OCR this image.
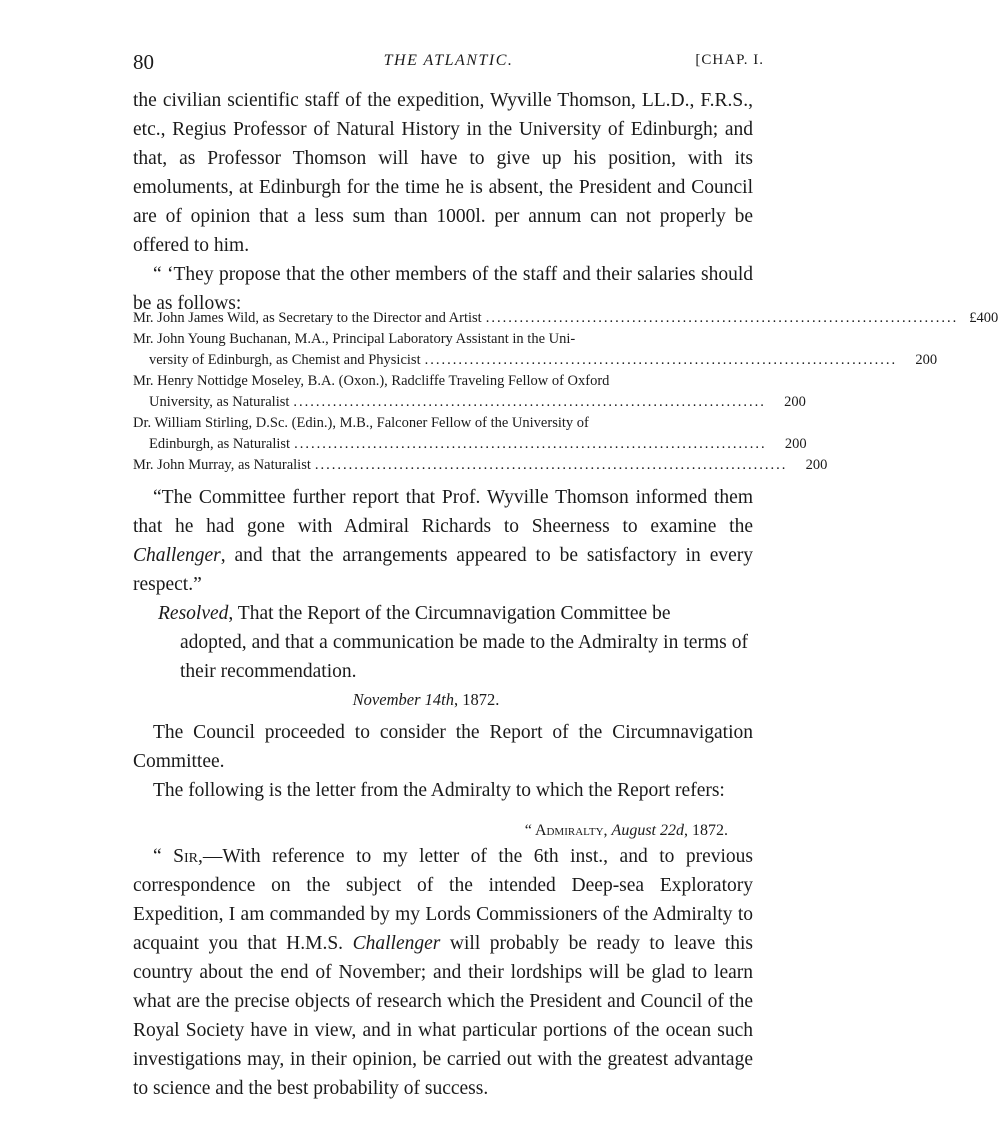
80	THE ATLANTIC.	[CHAP. I.

the civilian scientific staff of the expedition, Wyville Thomson, LL.D., F.R.S., etc., Regius Professor of Natural History in the University of Edinburgh; and that, as Professor Thomson will have to give up his position, with its emoluments, at Edinburgh for the time he is absent, the President and Council are of opinion that a less sum than 1000l. per annum can not properly be offered to him.

“ ‘They propose that the other members of the staff and their salaries should be as follows:

Mr. John James Wild, as Secretary to the Director and Artist .................................................................................... £400
Mr. John Young Buchanan, M.A., Principal Laboratory Assistant in the Uni-
versity of Edinburgh, as Chemist and Physicist ....................................................................................	200
Mr. Henry Nottidge Moseley, B.A. (Oxon.), Radcliffe Traveling Fellow of Oxford
University, as Naturalist ....................................................................................	200
Dr. William Stirling, D.Sc. (Edin.), M.B., Falconer Fellow of the University of
Edinburgh, as Naturalist ....................................................................................	200
Mr. John Murray, as Naturalist ....................................................................................	200

“The Committee further report that Prof. Wyville Thomson informed them that he had gone with Admiral Richards to Sheerness to examine the Challenger, and that the arrangements appeared to be satisfactory in every respect.”

Resolved, That the Report of the Circumnavigation Committee be
adopted, and that a communication be made to the Admiralty in terms of their recommendation.
November 14th, 1872.

The Council proceeded to consider the Report of the Circumnavigation Committee.

The following is the letter from the Admiralty to which the Report refers:

“ Admiralty, August 22d, 1872.

“ Sir,—With reference to my letter of the 6th inst., and to previous correspondence on the subject of the intended Deep-sea Exploratory Expedition, I am commanded by my Lords Commissioners of the Admiralty to acquaint you that H.M.S. Challenger will probably be ready to leave this country about the end of November; and their lordships will be glad to learn what are the precise objects of research which the President and Council of the Royal Society have in view, and in what particular portions of the ocean such investigations may, in their opinion, be carried out with the greatest advantage to science and the best probability of success.
